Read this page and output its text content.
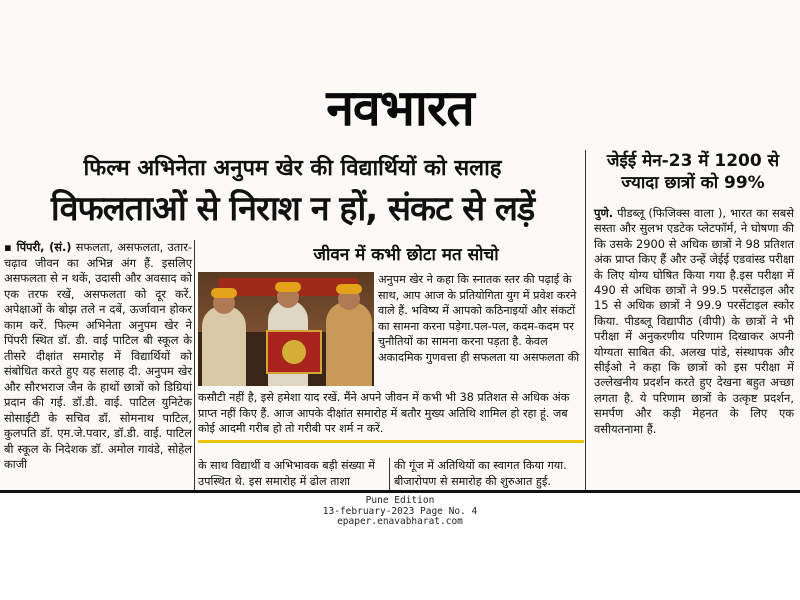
नवभारत
फिल्म अभिनेता अनुपम खेर की विद्यार्थियों को सलाह
विफलताओं से निराश न हों, संकट से लड़ें
▪ पिंपरी, (सं.) सफलता, असफलता, उतार-चढ़ाव जीवन का अभिन्न अंग हैं. इसलिए असफलता से न थकें, उदासी और अवसाद को एक तरफ रखें, असफलता को दूर करें. अपेक्षाओं के बोझ तले न दबें, ऊर्जावान होकर काम करें. फिल्म अभिनेता अनुपम खेर ने पिंपरी स्थित डॉ. डी. वाई पाटिल बी स्कूल के तीसरे दीक्षांत समारोह में विद्यार्थियों को संबोधित करते हुए यह सलाह दी. अनुपम खेर और सौरभराज जैन के हाथों छात्रों को डिग्रियां प्रदान की गई. डॉ.डी. वाई. पाटिल युनिटेक सोसाईटी के सचिव डॉ. सोमनाथ पाटिल, कुलपति डॉ. एम.जे.पवार, डॉ.डी. वाई. पाटिल बी स्कूल के निदेशक डॉ. अमोल गावंडे, सोहेल काजी
जीवन में कभी छोटा मत सोचो
अनुपम खेर ने कहा कि स्नातक स्तर की पढ़ाई के साथ, आप आज के प्रतियोगिता युग में प्रवेश करने वाले हैं. भविष्य में आपको कठिनाइयों और संकटों का सामना करना पड़ेगा.पल-पल, कदम-कदम पर चुनौतियों का सामना करना पड़ता है. केवल अकादमिक गुणवत्ता ही सफलता या असफलता की
कसौटी नहीं है, इसे हमेशा याद रखें. मैंने अपने जीवन में कभी भी 38 प्रतिशत से अधिक अंक प्राप्त नहीं किए हैं. आज आपके दीक्षांत समारोह में बतौर मुख्य अतिथि शामिल हो रहा हूं. जब कोई आदमी गरीब हो तो गरीबी पर शर्म न करें.
के साथ विद्यार्थी व अभिभावक बड़ी संख्या में उपस्थित थे. इस समारोह में ढोल ताशा
की गूंज में अतिथियों का स्वागत किया गया. बीजारोपण से समारोह की शुरुआत हुई.
जेईई मेन-23 में 1200 से ज्यादा छात्रों को 99%
पुणे. पीडब्लू (फिजिक्स वाला ), भारत का सबसे सस्ता और सुलभ एडटेक प्लेटफॉर्म, ने घोषणा की कि उसके 2900 से अधिक छात्रों ने 98 प्रतिशत अंक प्राप्त किए हैं और उन्हें जेईई एडवांस्ड परीक्षा के लिए योग्य घोषित किया गया है.इस परीक्षा में 490 से अधिक छात्रों ने 99.5 परसेंटाइल और 15 से अधिक छात्रों ने 99.9 परसेंटाइल स्कोर किया. पीडब्लू विद्यापीठ (वीपी) के छात्रों ने भी परीक्षा में अनुकरणीय परिणाम दिखाकर अपनी योग्यता साबित की. अलख पांडे, संस्थापक और सीईओ ने कहा कि छात्रों को इस परीक्षा में उल्लेखनीय प्रदर्शन करते हुए देखना बहुत अच्छा लगता है. ये परिणाम छात्रों के उत्कृष्ट प्रदर्शन, समर्पण और कड़ी मेहनत के लिए एक वसीयतनामा हैं.
Pune Edition
13-february-2023 Page No. 4
epaper.enavabharat.com
